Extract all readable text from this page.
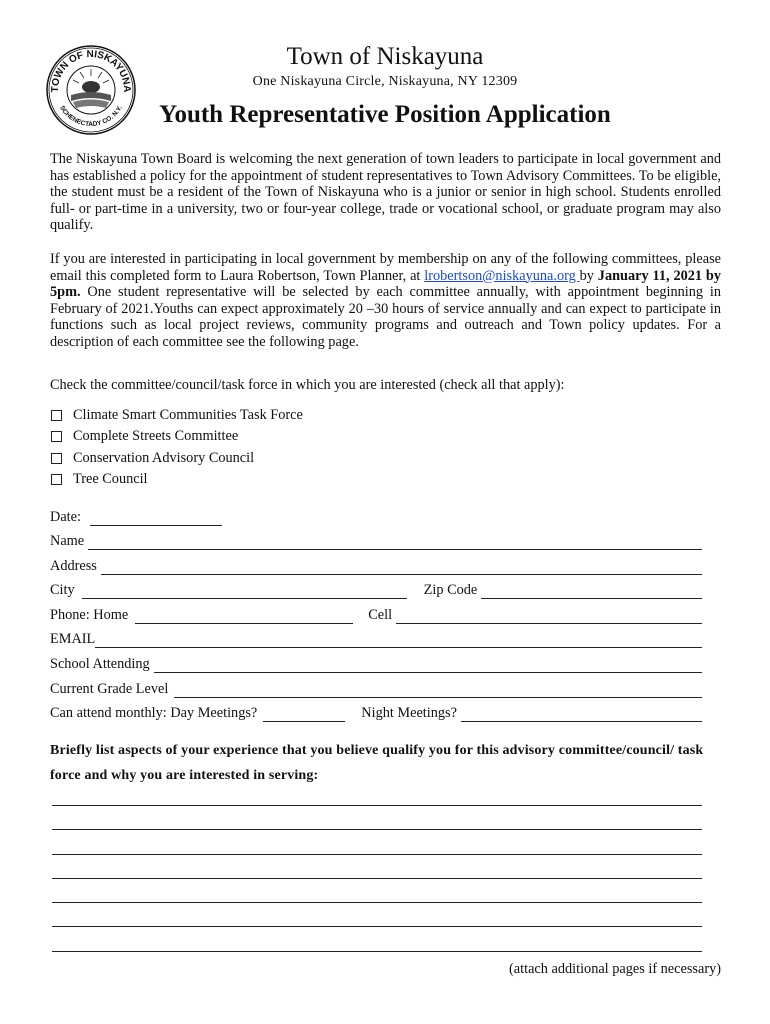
TOWN OF NISKAYUNA
SCHENECTADY CO. N.Y.
Town of Niskayuna
One Niskayuna Circle, Niskayuna, NY 12309
Youth Representative Position Application
The Niskayuna Town Board is welcoming the next generation of town leaders to participate in local government and has established a policy for the appointment of student representatives to Town Advisory Committees. To be eligible, the student must be a resident of the Town of Niskayuna who is a junior or senior in high school. Students enrolled full- or part-time in a university, two or four-year college, trade or vocational school, or graduate program may also qualify.
If you are interested in participating in local government by membership on any of the following committees, please email this completed form to Laura Robertson, Town Planner, at lrobertson@niskayuna.org by January 11, 2021 by 5pm. One student representative will be selected by each committee annually, with appointment beginning in February of 2021.Youths can expect approximately 20 –30 hours of service annually and can expect to participate in functions such as local project reviews, community programs and outreach and Town policy updates. For a description of each committee see the following page.
Check the committee/council/task force in which you are interested (check all that apply):
Climate Smart Communities Task Force
Complete Streets Committee
Conservation Advisory Council
Tree Council
Date:
Name
Address
City	Zip Code
Phone: Home	Cell
EMAIL
School Attending
Current Grade Level
Can attend monthly: Day Meetings?	Night Meetings?
Briefly list aspects of your experience that you believe qualify you for this advisory committee/council/ task force and why you are interested in serving:
(attach additional pages if necessary)
